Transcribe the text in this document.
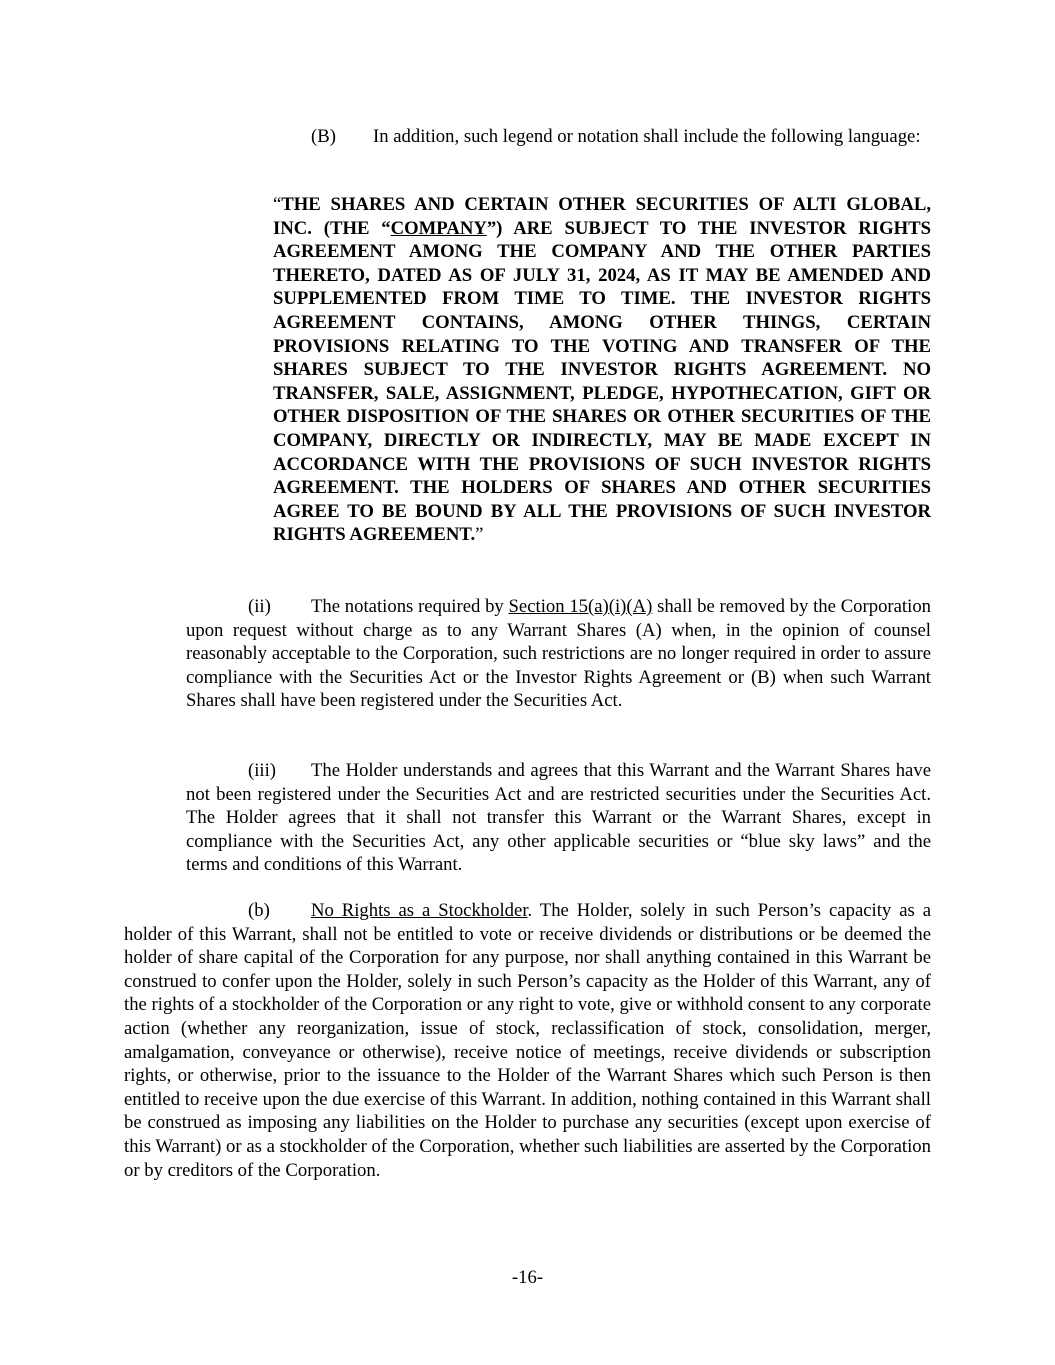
(B) In addition, such legend or notation shall include the following language:
“THE SHARES AND CERTAIN OTHER SECURITIES OF ALTI GLOBAL, INC. (THE “COMPANY”) ARE SUBJECT TO THE INVESTOR RIGHTS AGREEMENT AMONG THE COMPANY AND THE OTHER PARTIES THERETO, DATED AS OF JULY 31, 2024, AS IT MAY BE AMENDED AND SUPPLEMENTED FROM TIME TO TIME. THE INVESTOR RIGHTS AGREEMENT CONTAINS, AMONG OTHER THINGS, CERTAIN PROVISIONS RELATING TO THE VOTING AND TRANSFER OF THE SHARES SUBJECT TO THE INVESTOR RIGHTS AGREEMENT. NO TRANSFER, SALE, ASSIGNMENT, PLEDGE, HYPOTHECATION, GIFT OR OTHER DISPOSITION OF THE SHARES OR OTHER SECURITIES OF THE COMPANY, DIRECTLY OR INDIRECTLY, MAY BE MADE EXCEPT IN ACCORDANCE WITH THE PROVISIONS OF SUCH INVESTOR RIGHTS AGREEMENT. THE HOLDERS OF SHARES AND OTHER SECURITIES AGREE TO BE BOUND BY ALL THE PROVISIONS OF SUCH INVESTOR RIGHTS AGREEMENT.”
(ii) The notations required by Section 15(a)(i)(A) shall be removed by the Corporation upon request without charge as to any Warrant Shares (A) when, in the opinion of counsel reasonably acceptable to the Corporation, such restrictions are no longer required in order to assure compliance with the Securities Act or the Investor Rights Agreement or (B) when such Warrant Shares shall have been registered under the Securities Act.
(iii) The Holder understands and agrees that this Warrant and the Warrant Shares have not been registered under the Securities Act and are restricted securities under the Securities Act. The Holder agrees that it shall not transfer this Warrant or the Warrant Shares, except in compliance with the Securities Act, any other applicable securities or “blue sky laws” and the terms and conditions of this Warrant.
(b) No Rights as a Stockholder. The Holder, solely in such Person’s capacity as a holder of this Warrant, shall not be entitled to vote or receive dividends or distributions or be deemed the holder of share capital of the Corporation for any purpose, nor shall anything contained in this Warrant be construed to confer upon the Holder, solely in such Person’s capacity as the Holder of this Warrant, any of the rights of a stockholder of the Corporation or any right to vote, give or withhold consent to any corporate action (whether any reorganization, issue of stock, reclassification of stock, consolidation, merger, amalgamation, conveyance or otherwise), receive notice of meetings, receive dividends or subscription rights, or otherwise, prior to the issuance to the Holder of the Warrant Shares which such Person is then entitled to receive upon the due exercise of this Warrant. In addition, nothing contained in this Warrant shall be construed as imposing any liabilities on the Holder to purchase any securities (except upon exercise of this Warrant) or as a stockholder of the Corporation, whether such liabilities are asserted by the Corporation or by creditors of the Corporation.
-16-
